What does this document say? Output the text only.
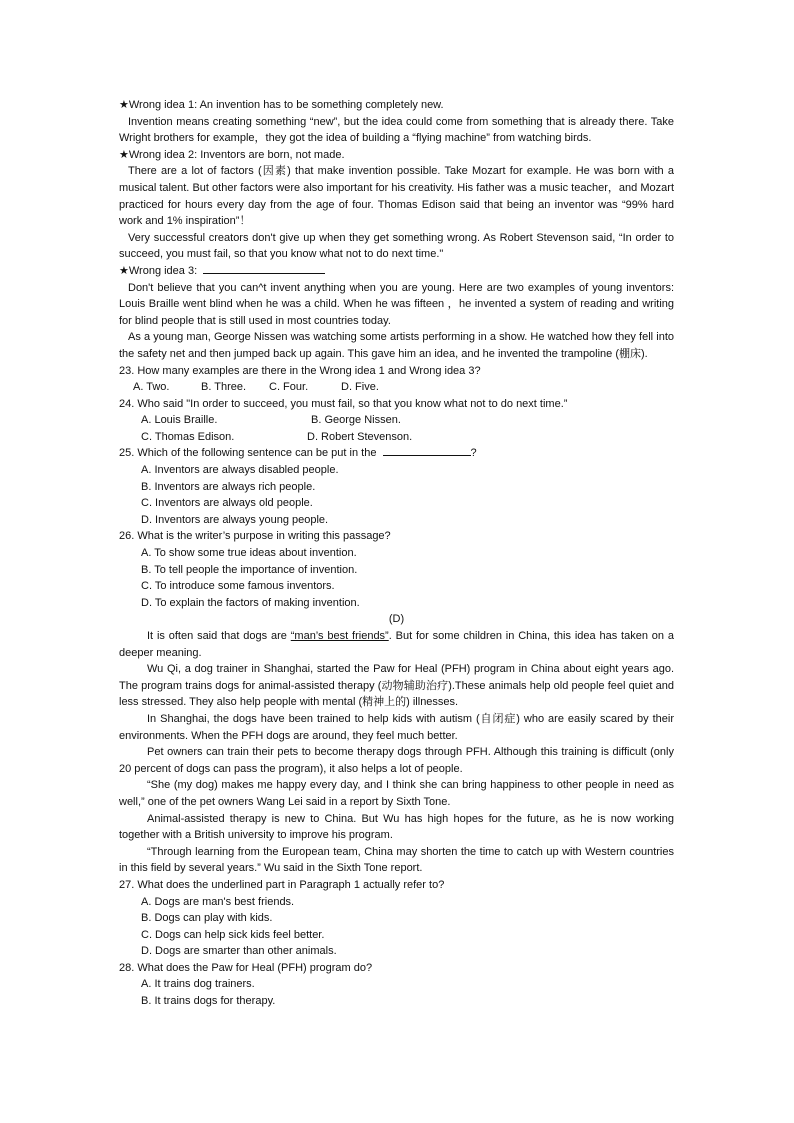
★Wrong idea 1: An invention has to be something completely new.

Invention means creating something “new”, but the idea could come from something that is already there. Take Wright brothers for example，they got the idea of building a “flying machine” from watching birds.

★Wrong idea 2: Inventors are born, not made.

There are a lot of factors (因素) that make invention possible. Take Mozart for example. He was born with a musical talent. But other factors were also important for his creativity. His father was a music teacher，and Mozart practiced for hours every day from the age of four. Thomas Edison said that being an inventor was “99% hard work and 1% inspiration”！

Very successful creators don't give up when they get something wrong. As Robert Stevenson said, “In order to succeed, you must fail, so that you know what not to do next time."

★Wrong idea 3:

Don't believe that you can^t invent anything when you are young. Here are two examples of young inventors: Louis Braille went blind when he was a child. When he was fifteen ，he invented a system of reading and writing for blind people that is still used in most countries today.

As a young man, George Nissen was watching some artists performing in a show. He watched how they fell into the safety net and then jumped back up again. This gave him an idea, and he invented the trampoline (棚床).

23. How many examples are there in the Wrong idea 1 and Wrong idea 3?

A. Two.	B. Three.	C. Four.	D. Five.

24. Who said "In order to succeed, you must fail, so that you know what not to do next time.”

A. Louis Braille.	B. George Nissen.
C. Thomas Edison.	D. Robert Stevenson.

25. Which of the following sentence can be put in the	?

A. Inventors are always disabled people.

B. Inventors are always rich people.

C. Inventors are always old people.

D. Inventors are always young people.

26. What is the writer’s purpose in writing this passage?

A. To show some true ideas about invention.

B. To tell people the importance of invention.

C. To introduce some famous inventors.

D. To explain the factors of making invention.

(D)

It is often said that dogs are “man’s best friends”. But for some children in China, this idea has taken on a deeper meaning.

Wu Qi, a dog trainer in Shanghai, started the Paw for Heal (PFH) program in China about eight years ago. The program trains dogs for animal-assisted therapy (动物辅助治疗).These animals help old people feel quiet and less stressed. They also help people with mental (精神上的) illnesses.

In Shanghai, the dogs have been trained to help kids with autism (自闭症) who are easily scared by their environments. When the PFH dogs are around, they feel much better.

Pet owners can train their pets to become therapy dogs through PFH. Although this training is difficult (only 20 percent of dogs can pass the program), it also helps a lot of people.

“She (my dog) makes me happy every day, and I think she can bring happiness to other people in need as well,” one of the pet owners Wang Lei said in a report by Sixth Tone.

Animal-assisted therapy is new to China. But Wu has high hopes for the future, as he is now working together with a British university to improve his program.

“Through learning from the European team, China may shorten the time to catch up with Western countries in this field by several years.” Wu said in the Sixth Tone report.

27. What does the underlined part in Paragraph 1 actually refer to?

A. Dogs are man's best friends.

B. Dogs can play with kids.

C. Dogs can help sick kids feel better.

D. Dogs are smarter than other animals.

28. What does the Paw for Heal (PFH) program do?

A. It trains dog trainers.

B. It trains dogs for therapy.
